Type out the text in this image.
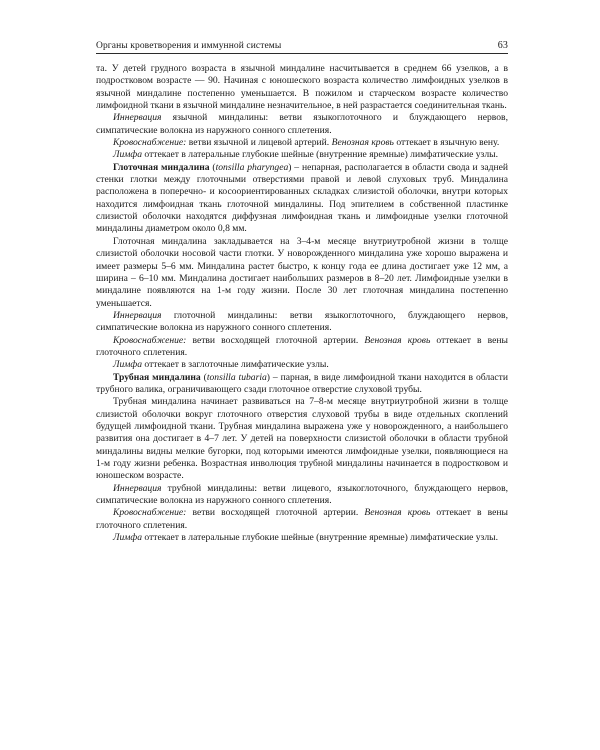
Органы кроветворения и иммунной системы	63

та. У детей грудного возраста в язычной миндалине насчитывается в среднем 66 узелков, а в подростковом возрасте — 90. Начиная с юношеского возраста количество лимфоидных узелков в язычной миндалине постепенно уменьшается. В пожилом и старческом возрасте количество лимфоидной ткани в язычной миндалине незначительное, в ней разрастается соединительная ткань.

Иннервация язычной миндалины: ветви языкоглоточного и блуждающего нервов, симпатические волокна из наружного сонного сплетения.

Кровоснабжение: ветви язычной и лицевой артерий. Венозная кровь оттекает в язычную вену.

Лимфа оттекает в латеральные глубокие шейные (внутренние яремные) лимфатические узлы.

Глоточная миндалина (tonsilla pharyngea) – непарная, располагается в области свода и задней стенки глотки между глоточными отверстиями правой и левой слуховых труб. Миндалина расположена в поперечно- и косоориентированных складках слизистой оболочки, внутри которых находится лимфоидная ткань глоточной миндалины. Под эпителием в собственной пластинке слизистой оболочки находятся диффузная лимфоидная ткань и лимфоидные узелки глоточной миндалины диаметром около 0,8 мм.

Глоточная миндалина закладывается на 3–4-м месяце внутриутробной жизни в толще слизистой оболочки носовой части глотки. У новорожденного миндалина уже хорошо выражена и имеет размеры 5–6 мм. Миндалина растет быстро, к концу года ее длина достигает уже 12 мм, а ширина – 6–10 мм. Миндалина достигает наибольших размеров в 8–20 лет. Лимфоидные узелки в миндалине появляются на 1-м году жизни. После 30 лет глоточная миндалина постепенно уменьшается.

Иннервация глоточной миндалины: ветви языкоглоточного, блуждающего нервов, симпатические волокна из наружного сонного сплетения.

Кровоснабжение: ветви восходящей глоточной артерии. Венозная кровь оттекает в вены глоточного сплетения.

Лимфа оттекает в заглоточные лимфатические узлы.

Трубная миндалина (tonsilla tubaria) – парная, в виде лимфоидной ткани находится в области трубного валика, ограничивающего сзади глоточное отверстие слуховой трубы.

Трубная миндалина начинает развиваться на 7–8-м месяце внутриутробной жизни в толще слизистой оболочки вокруг глоточного отверстия слуховой трубы в виде отдельных скоплений будущей лимфоидной ткани. Трубная миндалина выражена уже у новорожденного, а наибольшего развития она достигает в 4–7 лет. У детей на поверхности слизистой оболочки в области трубной миндалины видны мелкие бугорки, под которыми имеются лимфоидные узелки, появляющиеся на 1-м году жизни ребенка. Возрастная инволюция трубной миндалины начинается в подростковом и юношеском возрасте.

Иннервация трубной миндалины: ветви лицевого, языкоглоточного, блуждающего нервов, симпатические волокна из наружного сонного сплетения.

Кровоснабжение: ветви восходящей глоточной артерии. Венозная кровь оттекает в вены глоточного сплетения.

Лимфа оттекает в латеральные глубокие шейные (внутренние яремные) лимфатические узлы.
